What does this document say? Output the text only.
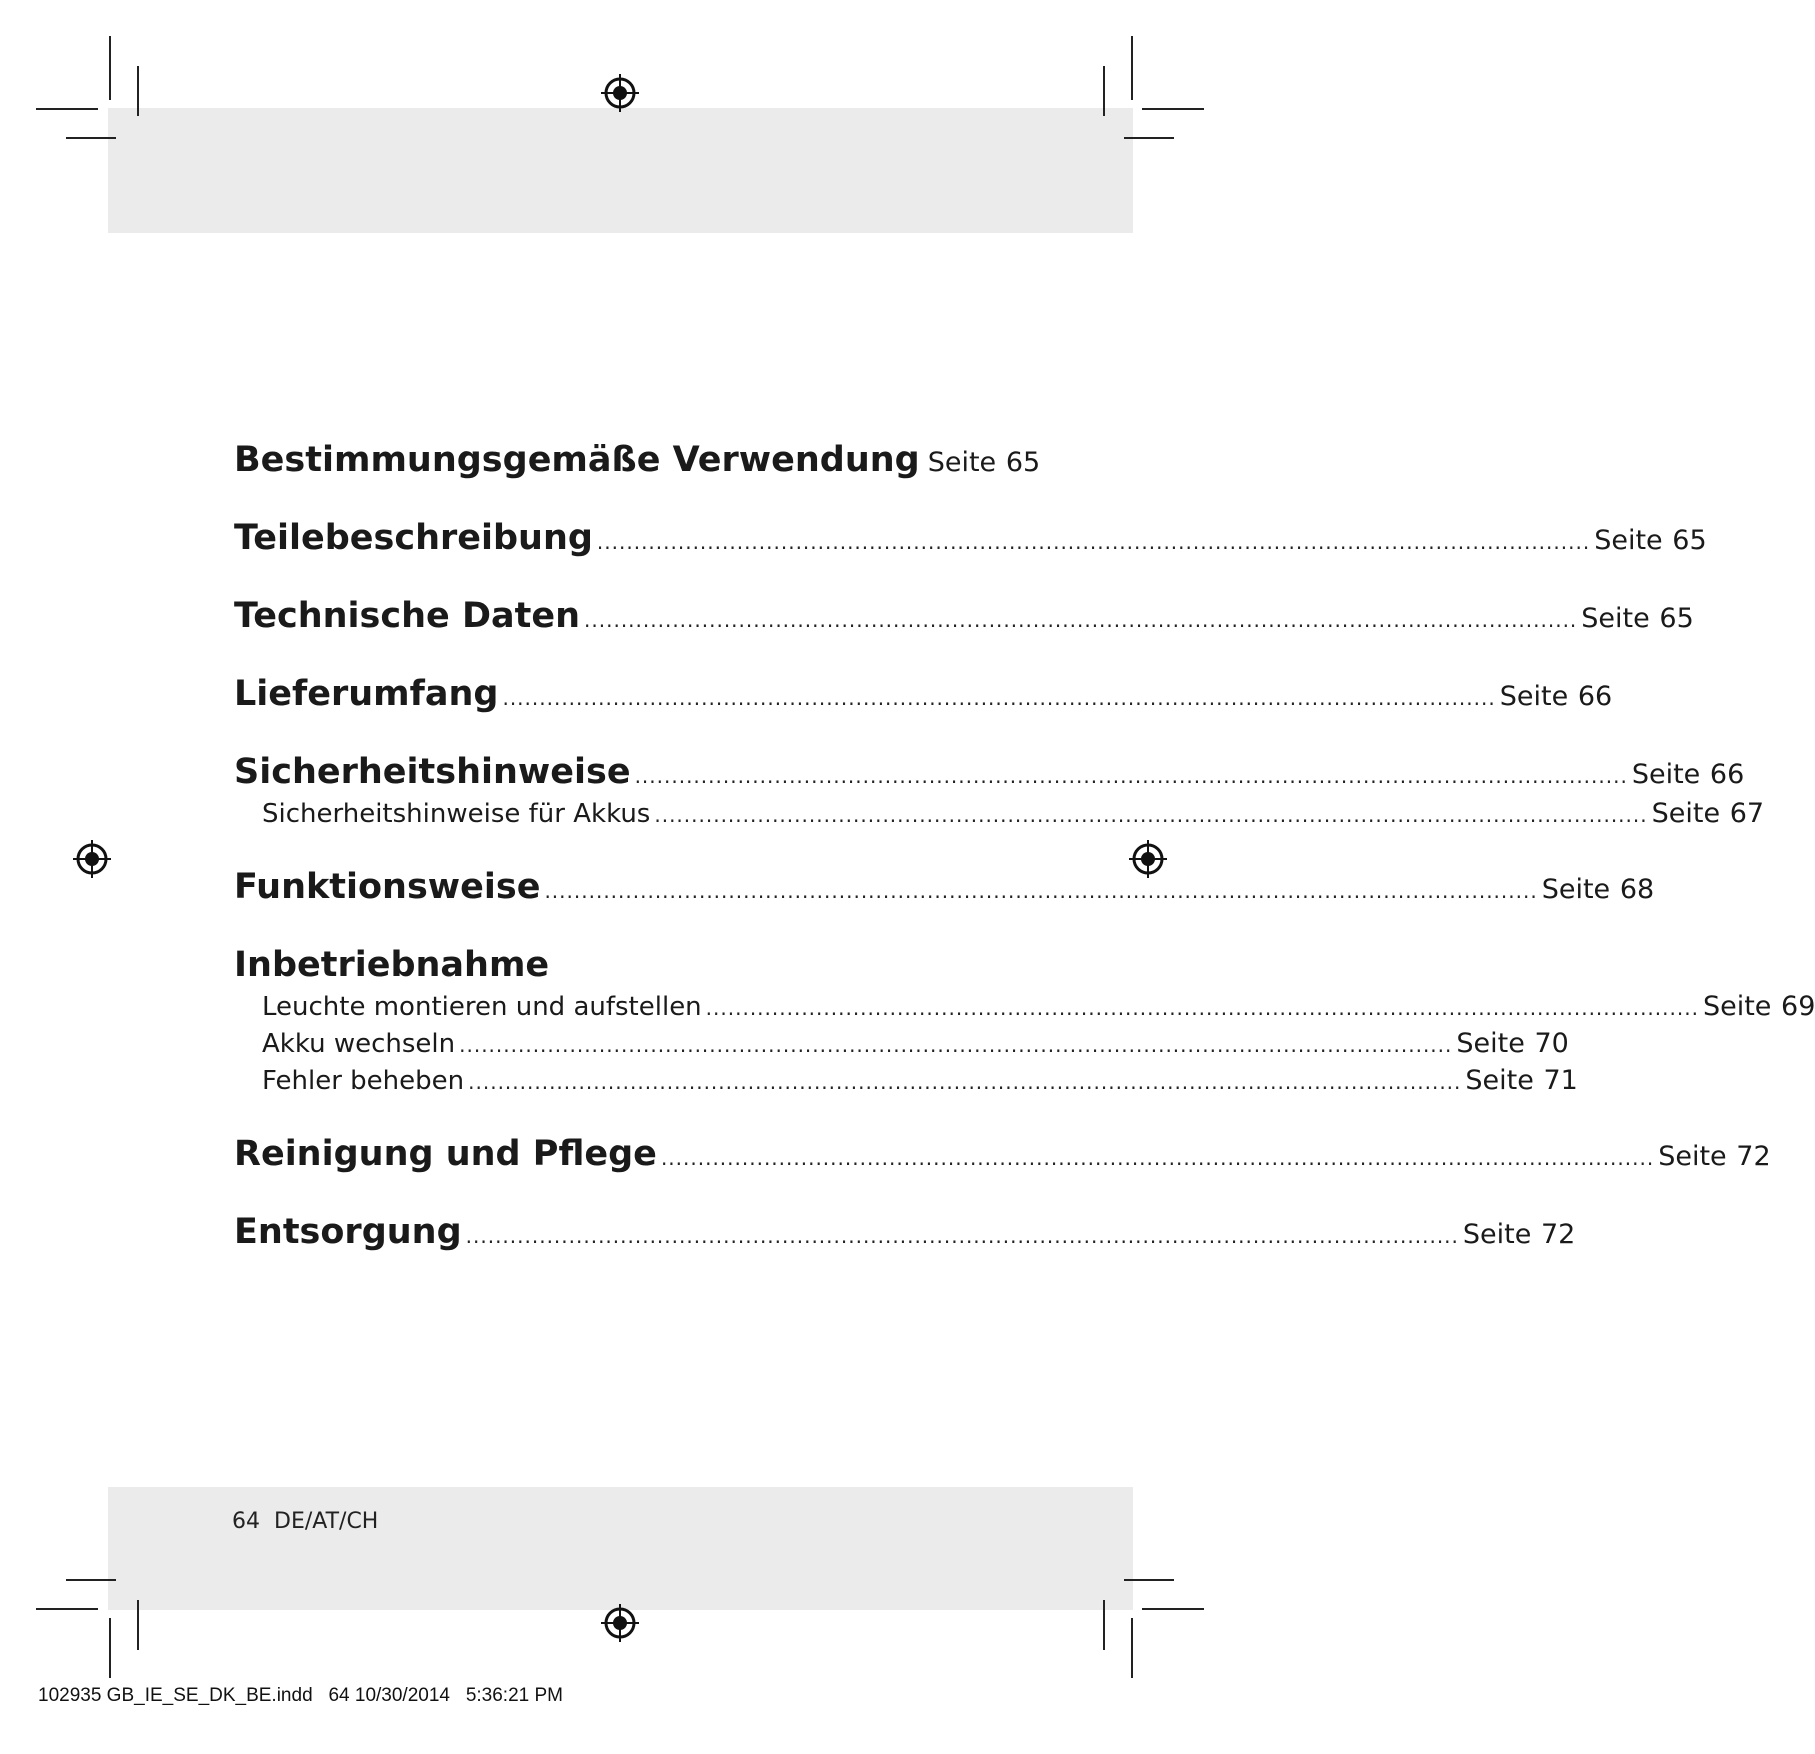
Bestimmungsgemäße Verwendung Seite 65
Teilebeschreibung ....................................................................................................................................... Seite 65
Technische Daten ....................................................................................................................................... Seite 65
Lieferumfang ....................................................................................................................................... Seite 66
Sicherheitshinweise ....................................................................................................................................... Seite 66
Sicherheitshinweise für Akkus ....................................................................................................................................... Seite 67
Funktionsweise ....................................................................................................................................... Seite 68
Inbetriebnahme
Leuchte montieren und aufstellen ....................................................................................................................................... Seite 69
Akku wechseln ....................................................................................................................................... Seite 70
Fehler beheben ....................................................................................................................................... Seite 71
Reinigung und Pflege ....................................................................................................................................... Seite 72
Entsorgung ....................................................................................................................................... Seite 72
64 DE/AT/CH
102935 GB_IE_SE_DK_BE.indd   64 10/30/2014   5:36:21 PM
